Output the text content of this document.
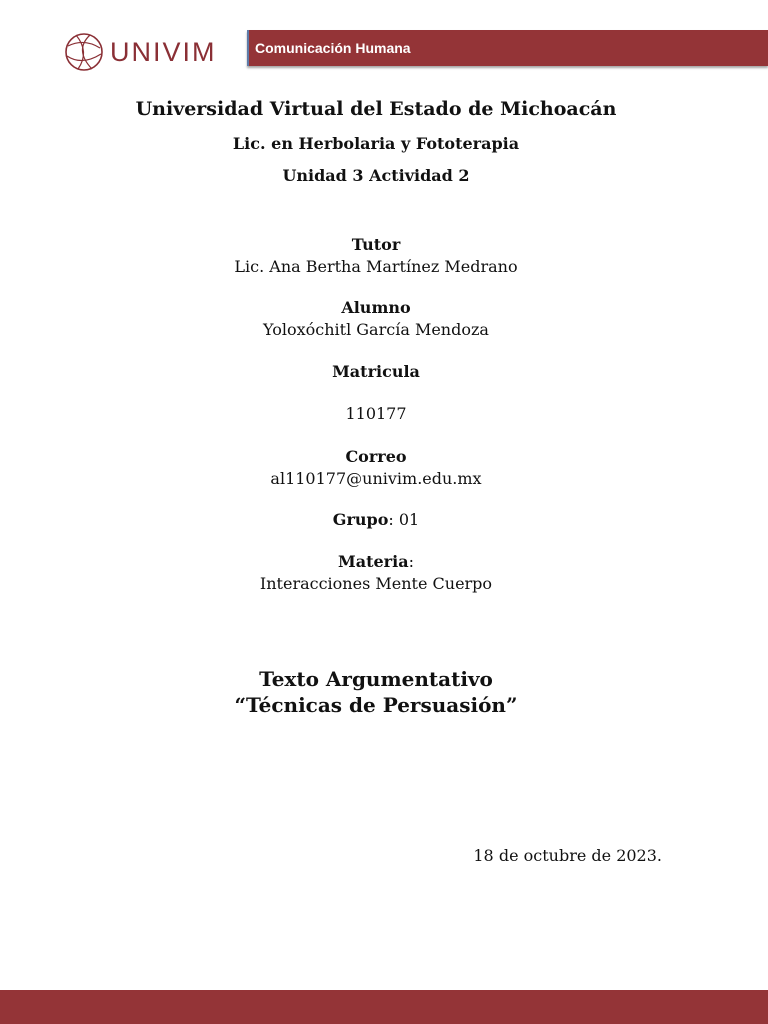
UNIVIM	Comunicación Humana
Universidad Virtual del Estado de Michoacán
Lic. en Herbolaria y Fototerapia
Unidad 3 Actividad 2
Tutor
Lic. Ana Bertha Martínez Medrano
Alumno
Yoloxóchitl García Mendoza
Matricula
110177
Correo
al110177@univim.edu.mx
Grupo: 01
Materia:
Interacciones Mente Cuerpo
Texto Argumentativo
“Técnicas de Persuasión”
18 de octubre de 2023.
